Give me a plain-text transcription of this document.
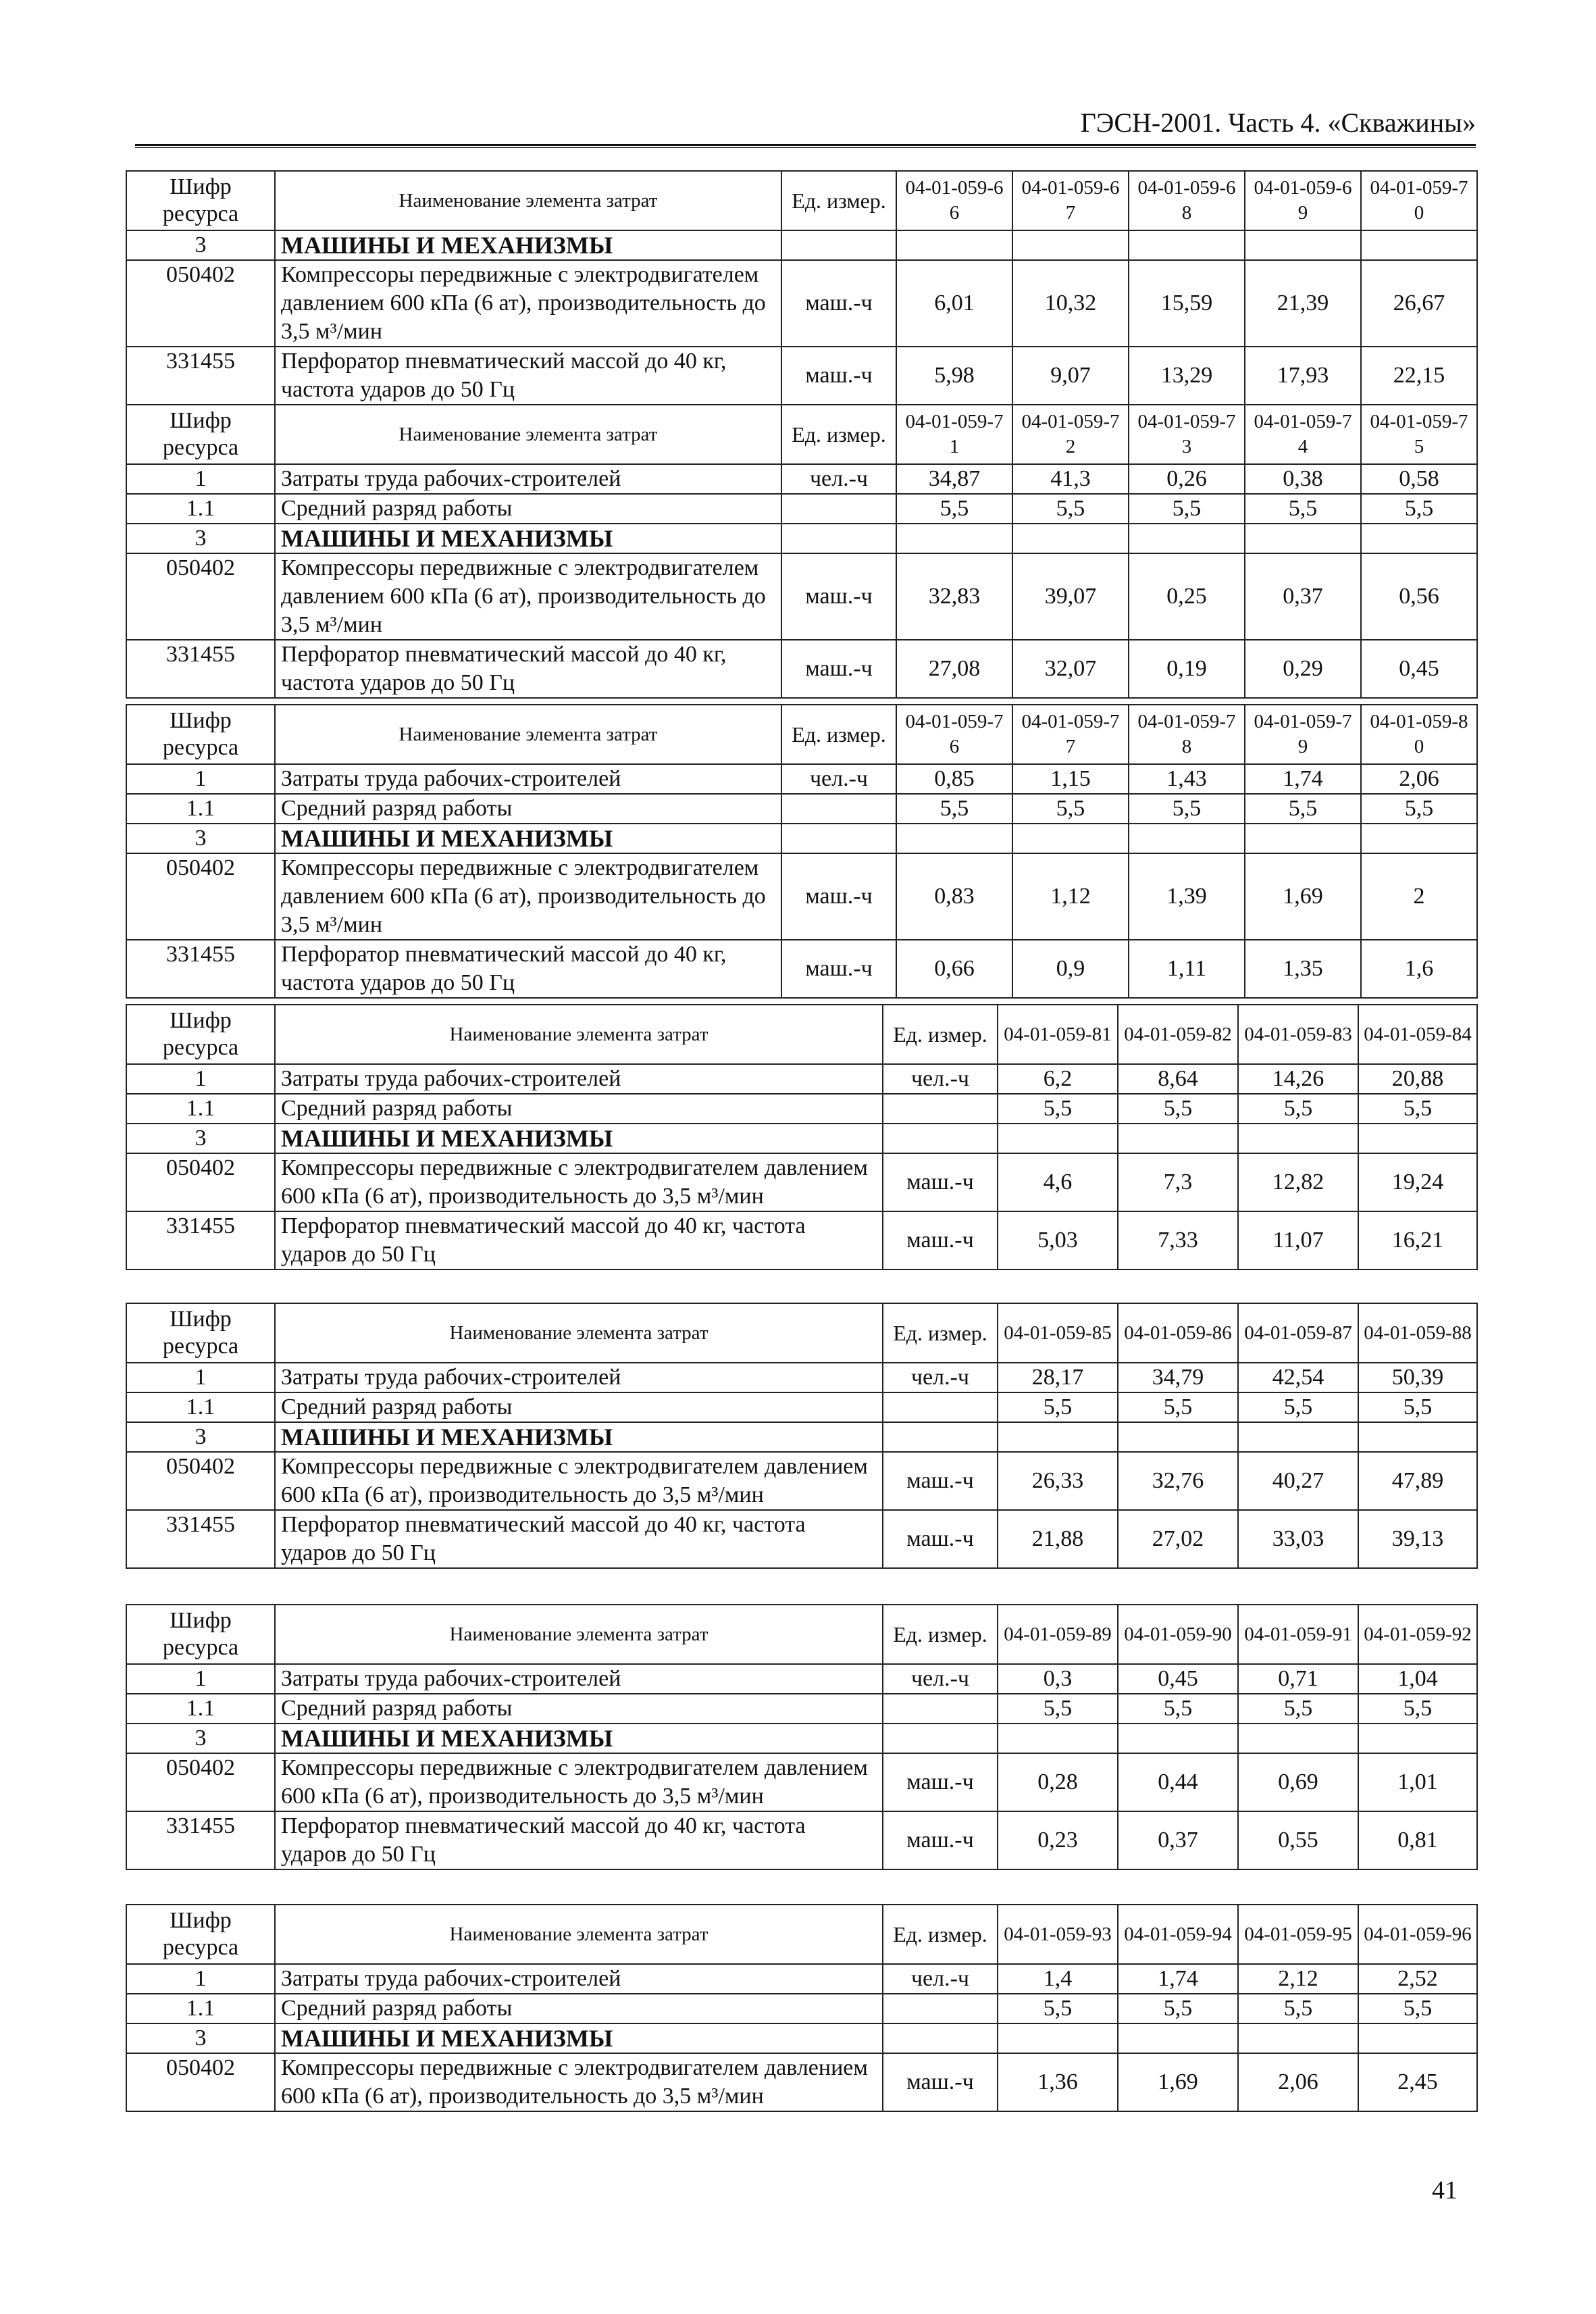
ГЭСН-2001. Часть 4. «Скважины»
Шифр ресурса	Наименование элемента затрат	Ед. измер.	04-01-059-66	04-01-059-67	04-01-059-68	04-01-059-69	04-01-059-70
3	МАШИНЫ И МЕХАНИЗМЫ						
050402	Компрессоры передвижные с электродвигателем давлением 600 кПа (6 ат), производительность до 3,5 м³/мин	маш.-ч	6,01	10,32	15,59	21,39	26,67
331455	Перфоратор пневматический массой до 40 кг, частота ударов до 50 Гц	маш.-ч	5,98	9,07	13,29	17,93	22,15
Шифр ресурса	Наименование элемента затрат	Ед. измер.	04-01-059-71	04-01-059-72	04-01-059-73	04-01-059-74	04-01-059-75
1	Затраты труда рабочих-строителей	чел.-ч	34,87	41,3	0,26	0,38	0,58
1.1	Средний разряд работы		5,5	5,5	5,5	5,5	5,5
3	МАШИНЫ И МЕХАНИЗМЫ						
050402	Компрессоры передвижные с электродвигателем давлением 600 кПа (6 ат), производительность до 3,5 м³/мин	маш.-ч	32,83	39,07	0,25	0,37	0,56
331455	Перфоратор пневматический массой до 40 кг, частота ударов до 50 Гц	маш.-ч	27,08	32,07	0,19	0,29	0,45
Шифр ресурса	Наименование элемента затрат	Ед. измер.	04-01-059-76	04-01-059-77	04-01-059-78	04-01-059-79	04-01-059-80
1	Затраты труда рабочих-строителей	чел.-ч	0,85	1,15	1,43	1,74	2,06
1.1	Средний разряд работы		5,5	5,5	5,5	5,5	5,5
3	МАШИНЫ И МЕХАНИЗМЫ						
050402	Компрессоры передвижные с электродвигателем давлением 600 кПа (6 ат), производительность до 3,5 м³/мин	маш.-ч	0,83	1,12	1,39	1,69	2
331455	Перфоратор пневматический массой до 40 кг, частота ударов до 50 Гц	маш.-ч	0,66	0,9	1,11	1,35	1,6
Шифр ресурса	Наименование элемента затрат	Ед. измер.	04-01-059-81	04-01-059-82	04-01-059-83	04-01-059-84
1	Затраты труда рабочих-строителей	чел.-ч	6,2	8,64	14,26	20,88
1.1	Средний разряд работы		5,5	5,5	5,5	5,5
3	МАШИНЫ И МЕХАНИЗМЫ					
050402	Компрессоры передвижные с электродвигателем давлением 600 кПа (6 ат), производительность до 3,5 м³/мин	маш.-ч	4,6	7,3	12,82	19,24
331455	Перфоратор пневматический массой до 40 кг, частота ударов до 50 Гц	маш.-ч	5,03	7,33	11,07	16,21
Шифр ресурса	Наименование элемента затрат	Ед. измер.	04-01-059-85	04-01-059-86	04-01-059-87	04-01-059-88
1	Затраты труда рабочих-строителей	чел.-ч	28,17	34,79	42,54	50,39
1.1	Средний разряд работы		5,5	5,5	5,5	5,5
3	МАШИНЫ И МЕХАНИЗМЫ					
050402	Компрессоры передвижные с электродвигателем давлением 600 кПа (6 ат), производительность до 3,5 м³/мин	маш.-ч	26,33	32,76	40,27	47,89
331455	Перфоратор пневматический массой до 40 кг, частота ударов до 50 Гц	маш.-ч	21,88	27,02	33,03	39,13
Шифр ресурса	Наименование элемента затрат	Ед. измер.	04-01-059-89	04-01-059-90	04-01-059-91	04-01-059-92
1	Затраты труда рабочих-строителей	чел.-ч	0,3	0,45	0,71	1,04
1.1	Средний разряд работы		5,5	5,5	5,5	5,5
3	МАШИНЫ И МЕХАНИЗМЫ					
050402	Компрессоры передвижные с электродвигателем давлением 600 кПа (6 ат), производительность до 3,5 м³/мин	маш.-ч	0,28	0,44	0,69	1,01
331455	Перфоратор пневматический массой до 40 кг, частота ударов до 50 Гц	маш.-ч	0,23	0,37	0,55	0,81
Шифр ресурса	Наименование элемента затрат	Ед. измер.	04-01-059-93	04-01-059-94	04-01-059-95	04-01-059-96
1	Затраты труда рабочих-строителей	чел.-ч	1,4	1,74	2,12	2,52
1.1	Средний разряд работы		5,5	5,5	5,5	5,5
3	МАШИНЫ И МЕХАНИЗМЫ					
050402	Компрессоры передвижные с электродвигателем давлением 600 кПа (6 ат), производительность до 3,5 м³/мин	маш.-ч	1,36	1,69	2,06	2,45
41
